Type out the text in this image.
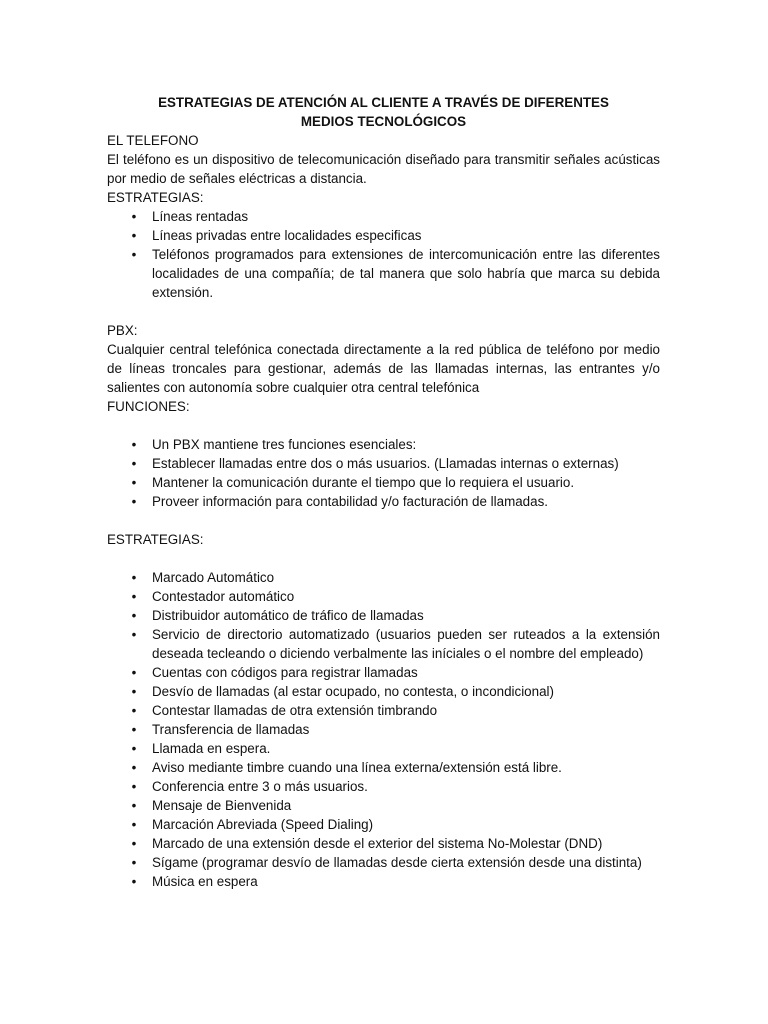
ESTRATEGIAS DE ATENCIÓN AL CLIENTE A TRAVÉS DE DIFERENTES

MEDIOS TECNOLÓGICOS

EL TELEFONO

El teléfono es un dispositivo de telecomunicación diseñado para transmitir señales acústicas por medio de señales eléctricas a distancia.

ESTRATEGIAS:

• Líneas rentadas
• Líneas privadas entre localidades especificas
• Teléfonos programados para extensiones de intercomunicación entre las diferentes localidades de una compañía; de tal manera que solo habría que marca su debida extensión.

PBX:

Cualquier central telefónica conectada directamente a la red pública de teléfono por medio de líneas troncales para gestionar, además de las llamadas internas, las entrantes y/o salientes con autonomía sobre cualquier otra central telefónica

FUNCIONES:

• Un PBX mantiene tres funciones esenciales:
• Establecer llamadas entre dos o más usuarios. (Llamadas internas o externas)
• Mantener la comunicación durante el tiempo que lo requiera el usuario.
• Proveer información para contabilidad y/o facturación de llamadas.

ESTRATEGIAS:

• Marcado Automático
• Contestador automático
• Distribuidor automático de tráfico de llamadas
• Servicio de directorio automatizado (usuarios pueden ser ruteados a la extensión deseada tecleando o diciendo verbalmente las iníciales o el nombre del empleado)
• Cuentas con códigos para registrar llamadas
• Desvío de llamadas (al estar ocupado, no contesta, o incondicional)
• Contestar llamadas de otra extensión timbrando
• Transferencia de llamadas
• Llamada en espera.
• Aviso mediante timbre cuando una línea externa/extensión está libre.
• Conferencia entre 3 o más usuarios.
• Mensaje de Bienvenida
• Marcación Abreviada (Speed Dialing)
• Marcado de una extensión desde el exterior del sistema No-Molestar (DND)
• Sígame (programar desvío de llamadas desde cierta extensión desde una distinta)
• Música en espera
